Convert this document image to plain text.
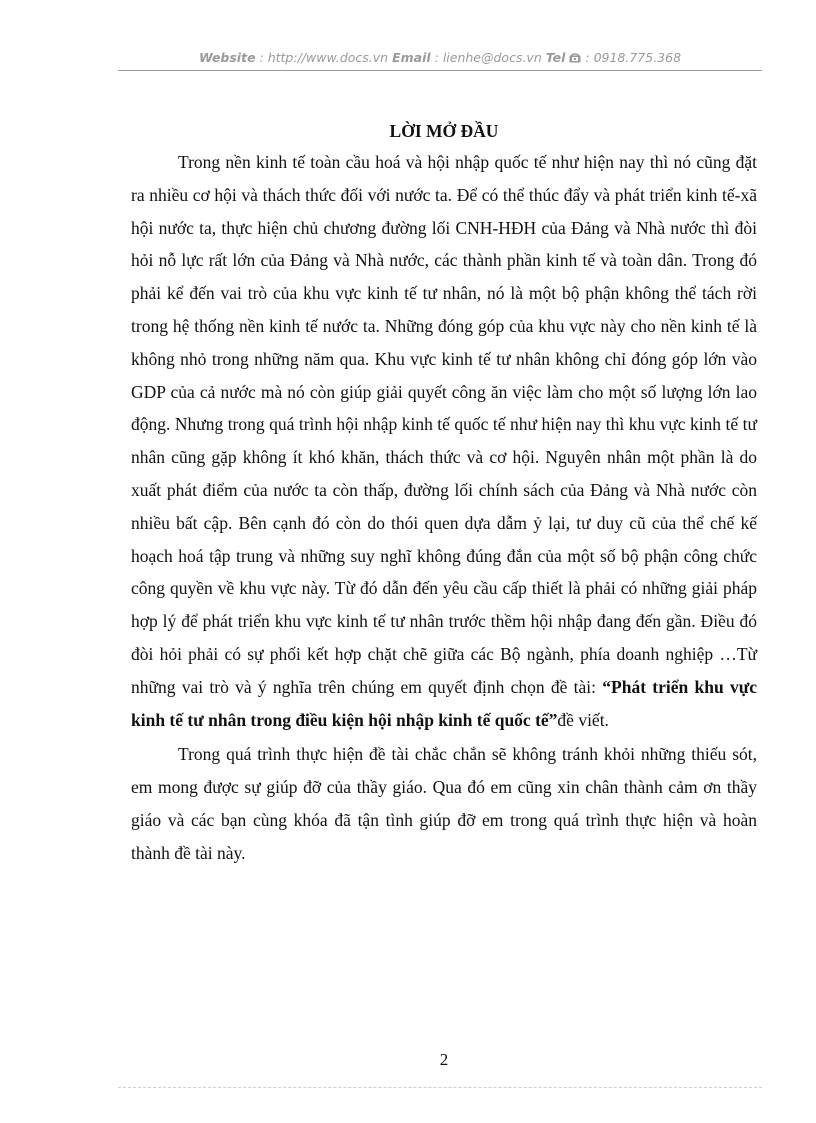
Website : http://www.docs.vn Email : lienhe@docs.vn Tel  : 0918.775.368

LỜI MỞ ĐẦU

Trong nền kinh tế toàn cầu hoá và hội nhập quốc tế như hiện nay thì nó cũng đặt ra nhiều cơ hội và thách thức đối với nước ta. Để có thể thúc đẩy và phát triển kinh tế-xã hội nước ta, thực hiện chủ chương đường lối CNH-HĐH của Đảng và Nhà nước thì đòi hỏi nỗ lực rất lớn của Đảng và Nhà nước, các thành phần kinh tế và toàn dân. Trong đó phải kể đến vai trò của khu vực kinh tế tư nhân, nó là một bộ phận không thể tách rời trong hệ thống nền kinh tế nước ta. Những đóng góp của khu vực này cho nền kinh tế là không nhỏ trong những năm qua. Khu vực kinh tế tư nhân không chỉ đóng góp lớn vào GDP của cả nước mà nó còn giúp giải quyết công ăn việc làm cho một số lượng lớn lao động. Nhưng trong quá trình hội nhập kinh tế quốc tế như hiện nay thì khu vực kinh tế tư nhân cũng gặp không ít khó khăn, thách thức và cơ hội. Nguyên nhân một phần là do xuất phát điểm của nước ta còn thấp, đường lối chính sách của Đảng và Nhà nước còn nhiều bất cập. Bên cạnh đó còn do thói quen dựa dẫm ỷ lại, tư duy cũ của thể chế kế hoạch hoá tập trung và những suy nghĩ không đúng đắn của một số bộ phận công chức công quyền về khu vực này. Từ đó dẫn đến yêu cầu cấp thiết là phải có những giải pháp hợp lý để phát triển khu vực kinh tế tư nhân trước thềm hội nhập đang đến gần. Điều đó đòi hỏi phải có sự phối kết hợp chặt chẽ giữa các Bộ ngành, phía doanh nghiệp …Từ những vai trò và ý nghĩa trên chúng em quyết định chọn đề tài: “Phát triển khu vực kinh tế tư nhân trong điều kiện hội nhập kinh tế quốc tế”đề viết.

Trong quá trình thực hiện đề tài chắc chắn sẽ không tránh khỏi những thiếu sót, em mong được sự giúp đỡ của thầy giáo. Qua đó em cũng xin chân thành cảm ơn thầy giáo và các bạn cùng khóa đã tận tình giúp đỡ em trong quá trình thực hiện và hoàn thành đề tài này.

2
